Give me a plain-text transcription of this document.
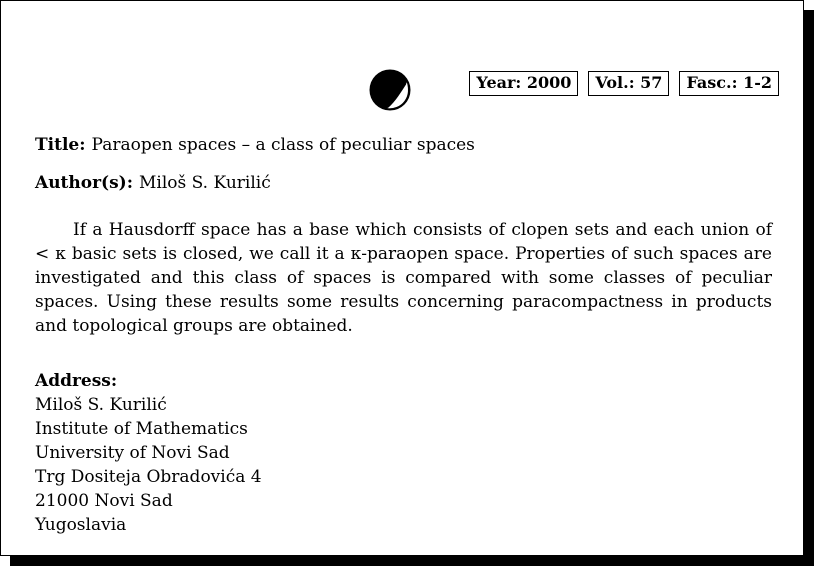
Year: 2000	Vol.: 57	Fasc.: 1-2
Title: Paraopen spaces – a class of peculiar spaces
Author(s): Miloš S. Kurilić

If a Hausdorff space has a base which consists of clopen sets and each union of < κ basic sets is closed, we call it a κ-paraopen space. Properties of such spaces are investigated and this class of spaces is compared with some classes of peculiar spaces. Using these results some results concerning paracompactness in products and topological groups are obtained.

Address:
Miloš S. Kurilić
Institute of Mathematics
University of Novi Sad
Trg Dositeja Obradovića 4
21000 Novi Sad
Yugoslavia
